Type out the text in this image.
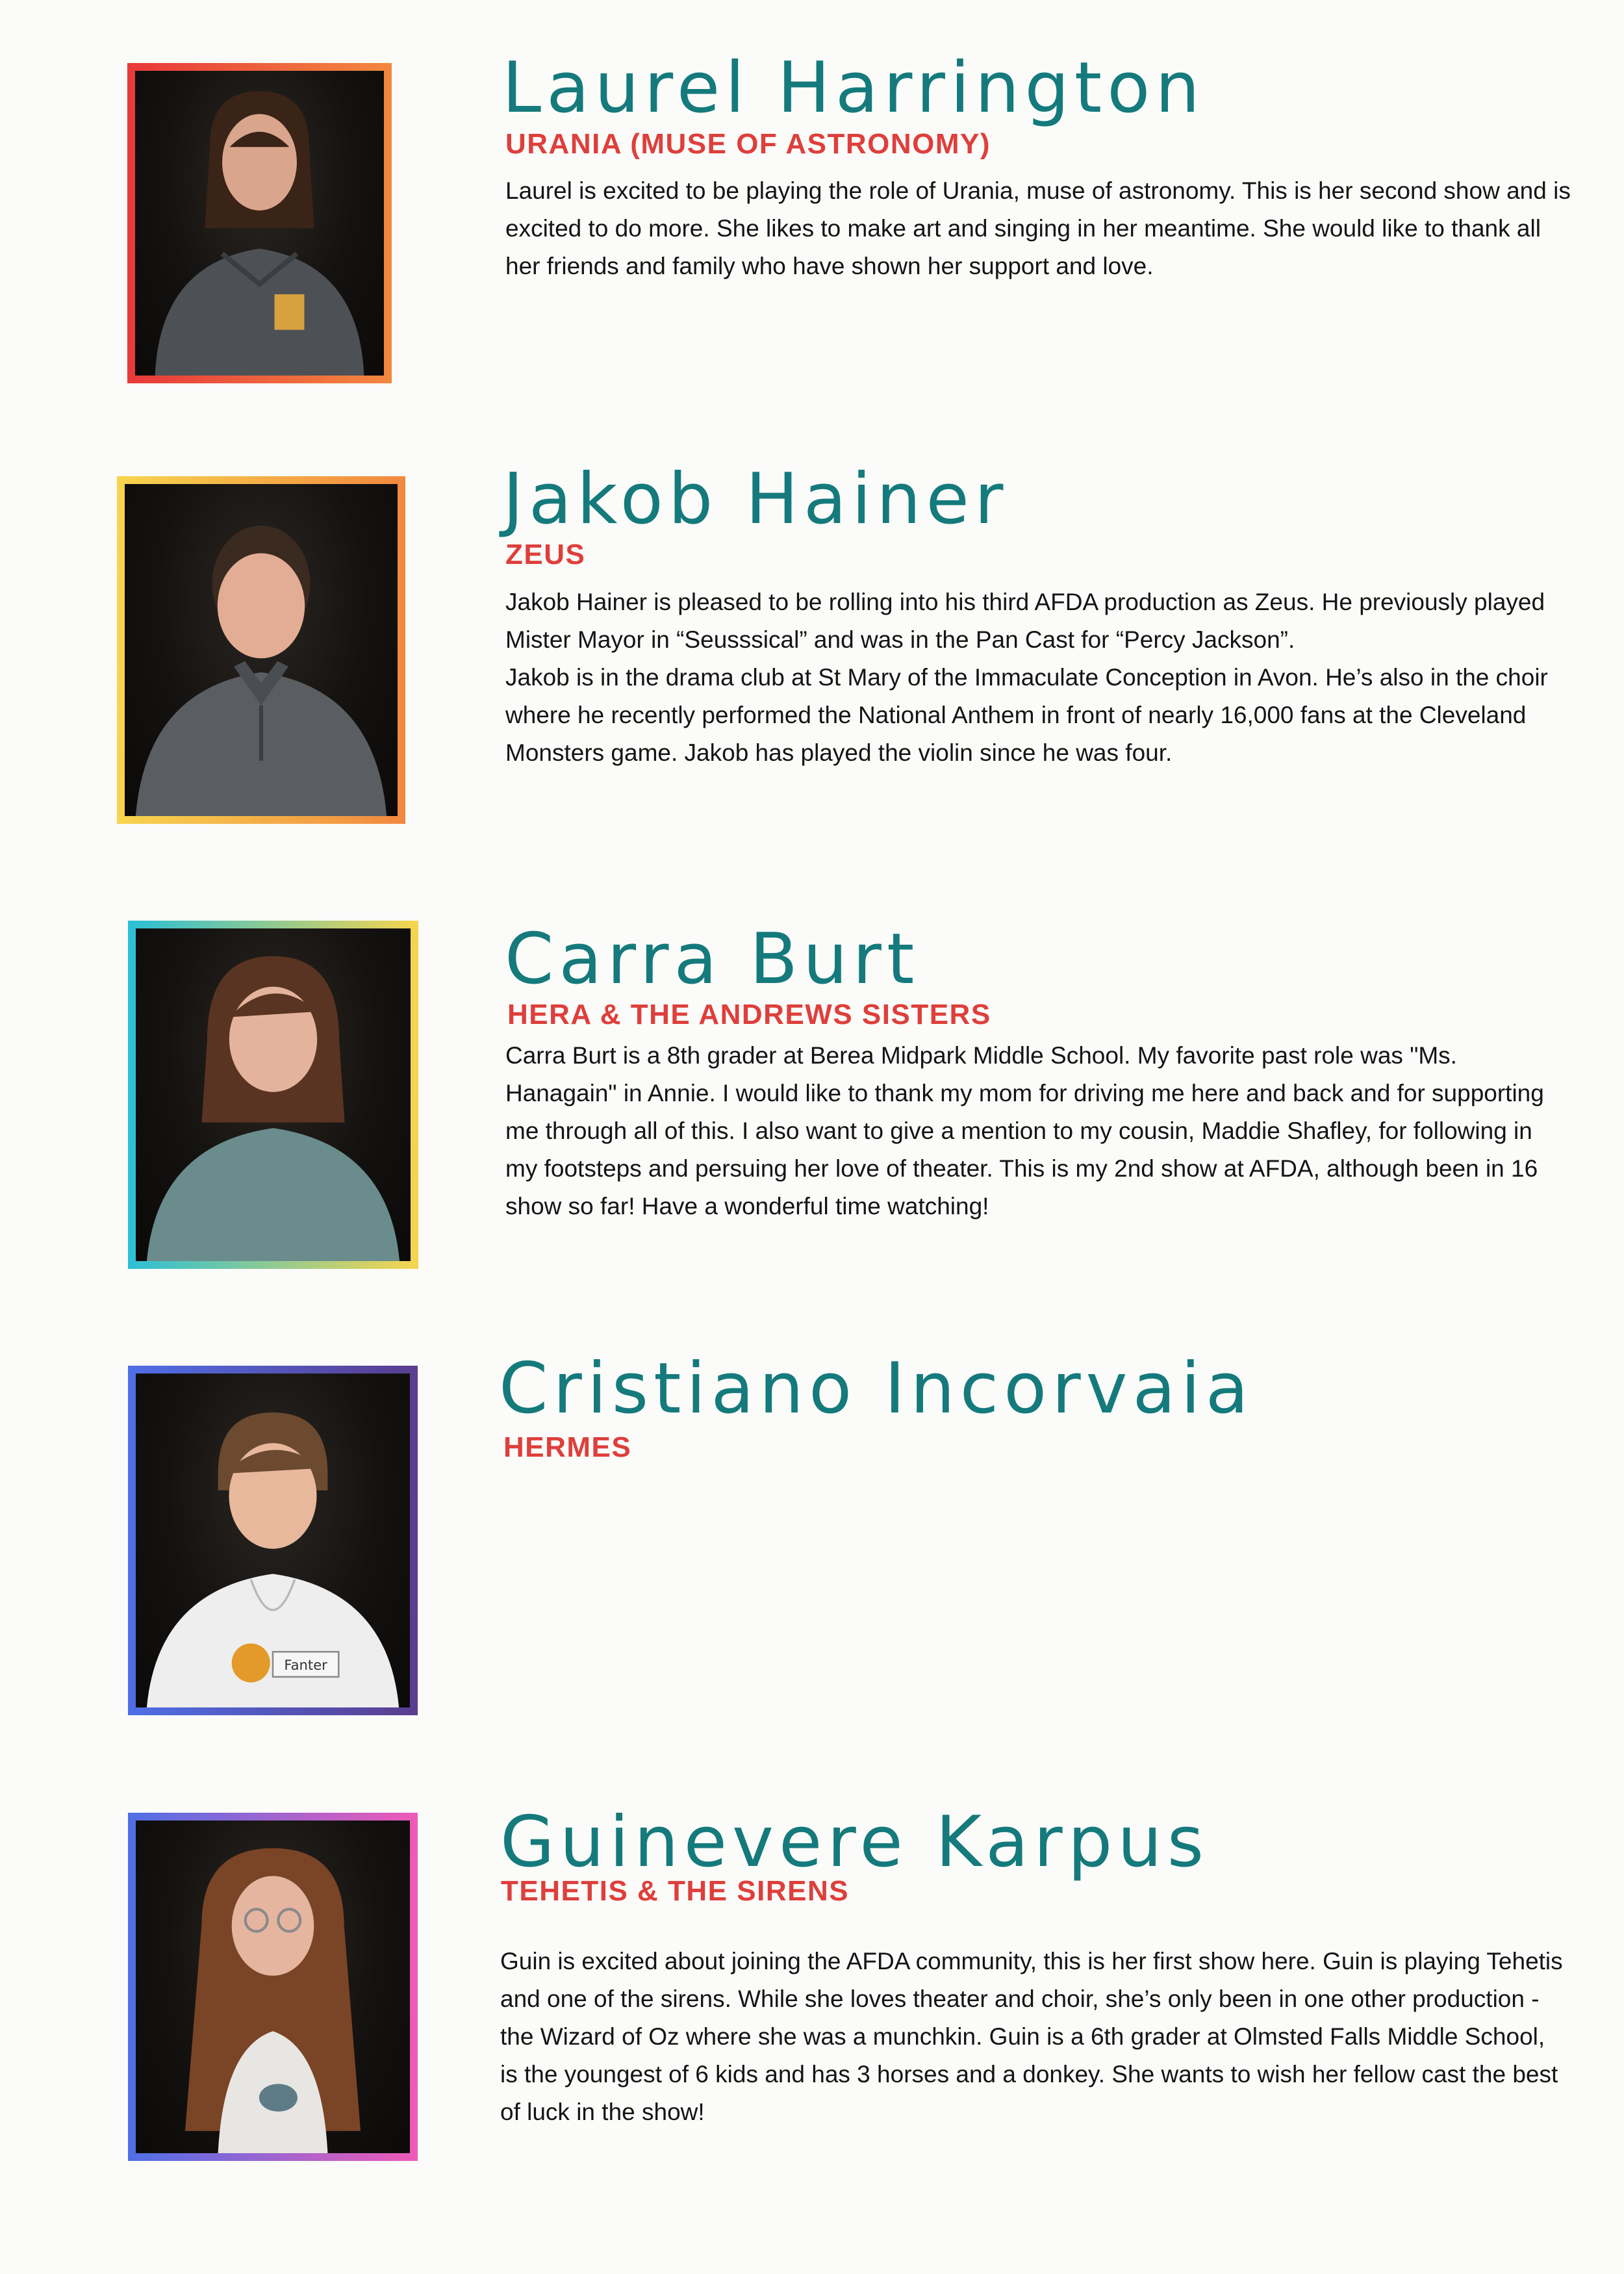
Laurel Harrington
URANIA (MUSE OF ASTRONOMY)

Laurel is excited to be playing the role of Urania, muse of astronomy. This is her second show and is excited to do more. She likes to make art and singing in her meantime. She would like to thank all her friends and family who have shown her support and love.

Jakob Hainer
ZEUS

Jakob Hainer is pleased to be rolling into his third AFDA production as Zeus. He previously played Mister Mayor in “Seusssical” and was in the Pan Cast for “Percy Jackson”.
Jakob is in the drama club at St Mary of the Immaculate Conception in Avon. He’s also in the choir where he recently performed the National Anthem in front of nearly 16,000 fans at the Cleveland Monsters game. Jakob has played the violin since he was four.

Carra Burt
HERA & THE ANDREWS SISTERS

Carra Burt is a 8th grader at Berea Midpark Middle School. My favorite past role was "Ms. Hanagain" in Annie. I would like to thank my mom for driving me here and back and for supporting me through all of this. I also want to give a mention to my cousin, Maddie Shafley, for following in my footsteps and persuing her love of theater. This is my 2nd show at AFDA, although been in 16 show so far! Have a wonderful time watching!

Fanter
Cristiano Incorvaia
HERMES

Guinevere Karpus
TEHETIS & THE SIRENS

Guin is excited about joining the AFDA community, this is her first show here. Guin is playing Tehetis and one of the sirens. While she loves theater and choir, she’s only been in one other production - the Wizard of Oz where she was a munchkin. Guin is a 6th grader at Olmsted Falls Middle School, is the youngest of 6 kids and has 3 horses and a donkey. She wants to wish her fellow cast the best of luck in the show!
